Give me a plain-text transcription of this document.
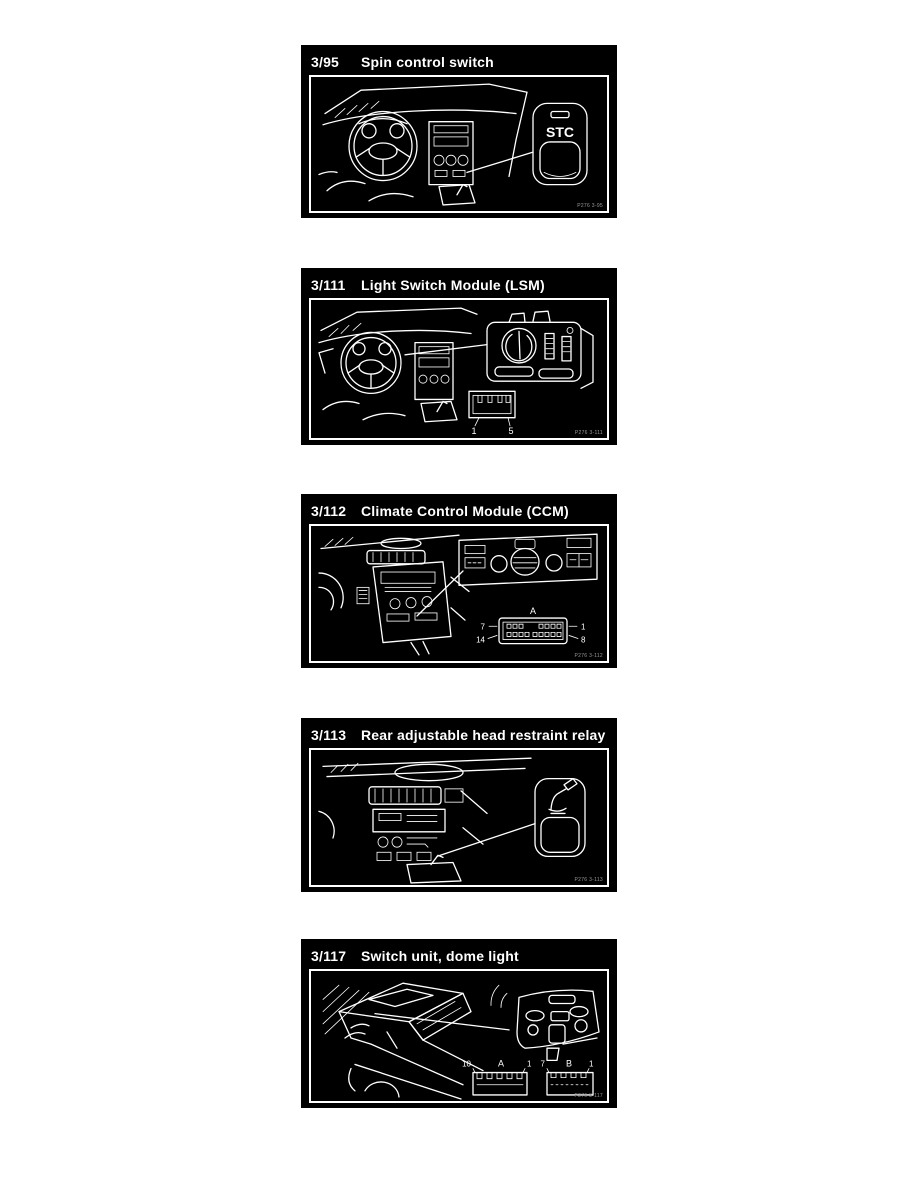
3/95	Spin control switch
STC
P276 3-95
3/111	Light Switch Module (LSM)
1	5	P276 3-111
3/112	Climate Control Module (CCM)
A
7	1
14	8
P276 3-112
3/113	Rear adjustable head restraint relay
P276 3-113
3/117	Switch unit, dome light
10	A	1 7 B 1
P276 3-117
